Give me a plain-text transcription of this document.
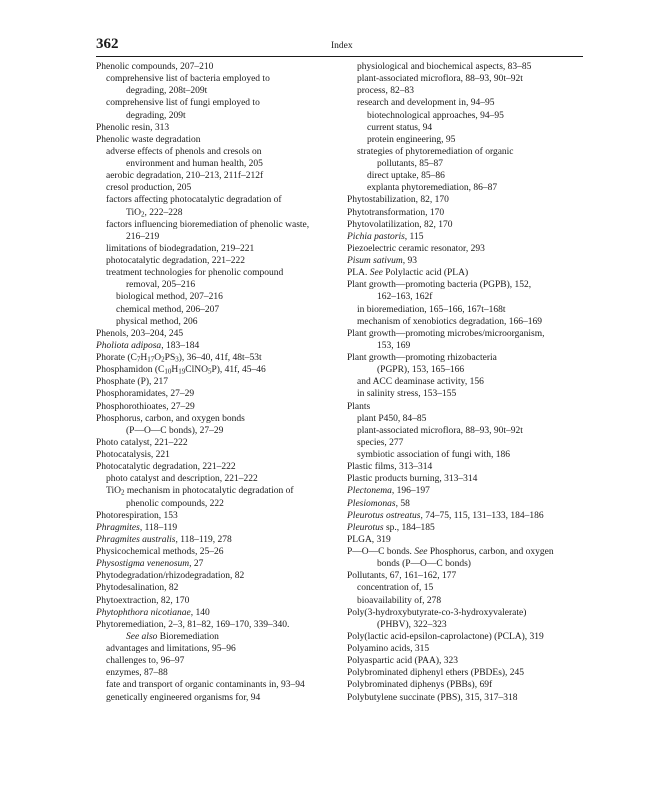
362	Index
Phenolic compounds, 207–210
comprehensive list of bacteria employed to
degrading, 208t–209t
comprehensive list of fungi employed to
degrading, 209t
Phenolic resin, 313
Phenolic waste degradation
adverse effects of phenols and cresols on
environment and human health, 205
aerobic degradation, 210–213, 211f–212f
cresol production, 205
factors affecting photocatalytic degradation of
TiO$_2$, 222–228
factors influencing bioremediation of phenolic waste,
216–219
limitations of biodegradation, 219–221
photocatalytic degradation, 221–222
treatment technologies for phenolic compound
removal, 205–216
biological method, 207–216
chemical method, 206–207
physical method, 206
Phenols, 203–204, 245
Pholiota adiposa, 183–184
Phorate $(C_7H_{17}O_2PS_3)$, 36–40, 41f, 48t–53t
Phosphamidon $(C_{10}H_{19}ClNO_5P)$, 41f, 45–46
Phosphate (P), 217
Phosphoramidates, 27–29
Phosphorothioates, 27–29
Phosphorus, carbon, and oxygen bonds
(P—O—C bonds), 27–29
Photo catalyst, 221–222
Photocatalysis, 221
Photocatalytic degradation, 221–222
photo catalyst and description, 221–222
TiO$_2$ mechanism in photocatalytic degradation of
phenolic compounds, 222
Photorespiration, 153
Phragmites, 118–119
Phragmites australis, 118–119, 278
Physicochemical methods, 25–26
Physostigma venenosum, 27
Phytodegradation/rhizodegradation, 82
Phytodesalination, 82
Phytoextraction, 82, 170
Phytophthora nicotianae, 140
Phytoremediation, 2–3, 81–82, 169–170, 339–340.
See also Bioremediation
advantages and limitations, 95–96
challenges to, 96–97
enzymes, 87–88
fate and transport of organic contaminants in, 93–94
genetically engineered organisms for, 94
physiological and biochemical aspects, 83–85
plant-associated microflora, 88–93, 90t–92t
process, 82–83
research and development in, 94–95
biotechnological approaches, 94–95
current status, 94
protein engineering, 95
strategies of phytoremediation of organic
pollutants, 85–87
direct uptake, 85–86
explanta phytoremediation, 86–87
Phytostabilization, 82, 170
Phytotransformation, 170
Phytovolatilization, 82, 170
Pichia pastoris, 115
Piezoelectric ceramic resonator, 293
Pisum sativum, 93
PLA. See Polylactic acid (PLA)
Plant growth—promoting bacteria (PGPB), 152,
162–163, 162f
in bioremediation, 165–166, 167t–168t
mechanism of xenobiotics degradation, 166–169
Plant growth—promoting microbes/microorganism,
153, 169
Plant growth—promoting rhizobacteria
(PGPR), 153, 165–166
and ACC deaminase activity, 156
in salinity stress, 153–155
Plants
plant P450, 84–85
plant-associated microflora, 88–93, 90t–92t
species, 277
symbiotic association of fungi with, 186
Plastic films, 313–314
Plastic products burning, 313–314
Plectonema, 196–197
Plesiomonas, 58
Pleurotus ostreatus, 74–75, 115, 131–133, 184–186
Pleurotus sp., 184–185
PLGA, 319
P—O—C bonds. See Phosphorus, carbon, and oxygen
bonds (P—O—C bonds)
Pollutants, 67, 161–162, 177
concentration of, 15
bioavailability of, 278
Poly(3-hydroxybutyrate-co-3-hydroxyvalerate)
(PHBV), 322–323
Poly(lactic acid-epsilon-caprolactone) (PCLA), 319
Polyamino acids, 315
Polyaspartic acid (PAA), 323
Polybrominated diphenyl ethers (PBDEs), 245
Polybrominated diphenys (PBBs), 69f
Polybutylene succinate (PBS), 315, 317–318
